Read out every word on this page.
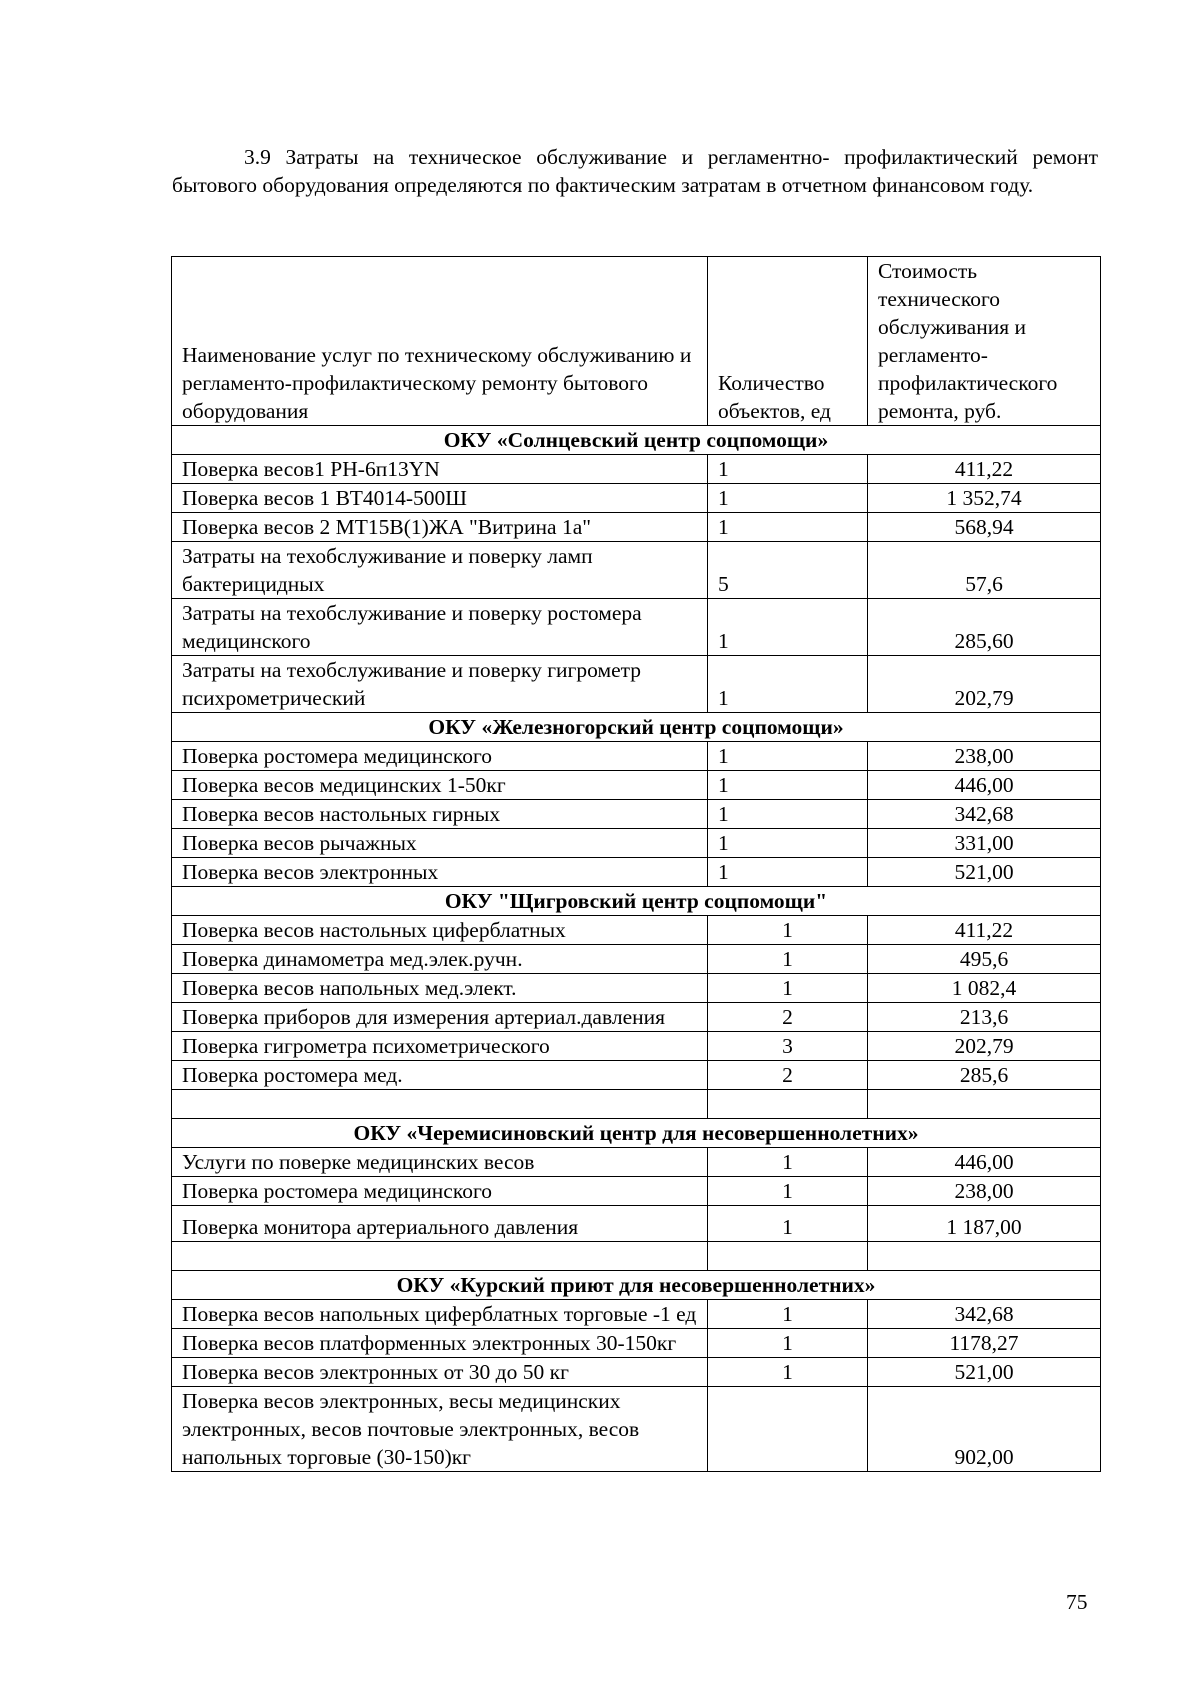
3.9 Затраты на техническое обслуживание и регламентно- профилактический ремонт бытового оборудования определяются по фактическим затратам в отчетном финансовом году.

Наименование услуг по техническому обслуживанию и регламенто-профилактическому ремонту бытового оборудования	Количество объектов, ед	Стоимость технического обслуживания и регламенто-профилактического ремонта, руб.
ОКУ «Солнцевский центр соцпомощи»		
Поверка весов1 РН-6п13YN	1	411,22
Поверка весов 1 ВТ4014-500Ш	1	1 352,74
Поверка весов 2 МТ15В(1)ЖА "Витрина 1а"	1	568,94
Затраты на техобслуживание и поверку ламп бактерицидных	5	57,6
Затраты на техобслуживание и поверку ростомера медицинского	1	285,60
Затраты на техобслуживание и поверку гигрометр психрометрический	1	202,79
ОКУ «Железногорский центр соцпомощи»		
Поверка ростомера медицинского	1	238,00
Поверка весов медицинских 1-50кг	1	446,00
Поверка весов настольных гирных	1	342,68
Поверка весов рычажных	1	331,00
Поверка весов электронных	1	521,00
ОКУ "Щигровский центр соцпомощи"		
Поверка весов настольных циферблатных	1	411,22
Поверка динамометра мед.элек.ручн.	1	495,6
Поверка весов напольных мед.элект.	1	1 082,4
Поверка приборов для измерения артериал.давления	2	213,6
Поверка гигрометра психометрического	3	202,79
Поверка ростомера мед.	2	285,6

ОКУ «Черемисиновский центр для несовершеннолетних»		
Услуги по поверке медицинских весов	1	446,00
Поверка ростомера медицинского	1	238,00
Поверка монитора артериального давления	1	1 187,00

ОКУ «Курский приют для несовершеннолетних»		
Поверка весов напольных циферблатных торговые -1 ед	1	342,68
Поверка весов платформенных электронных 30-150кг	1	1178,27
Поверка весов электронных от 30 до 50 кг	1	521,00
Поверка весов электронных, весы медицинских электронных, весов почтовые электронных, весов напольных торговые (30-150)кг		902,00
75
